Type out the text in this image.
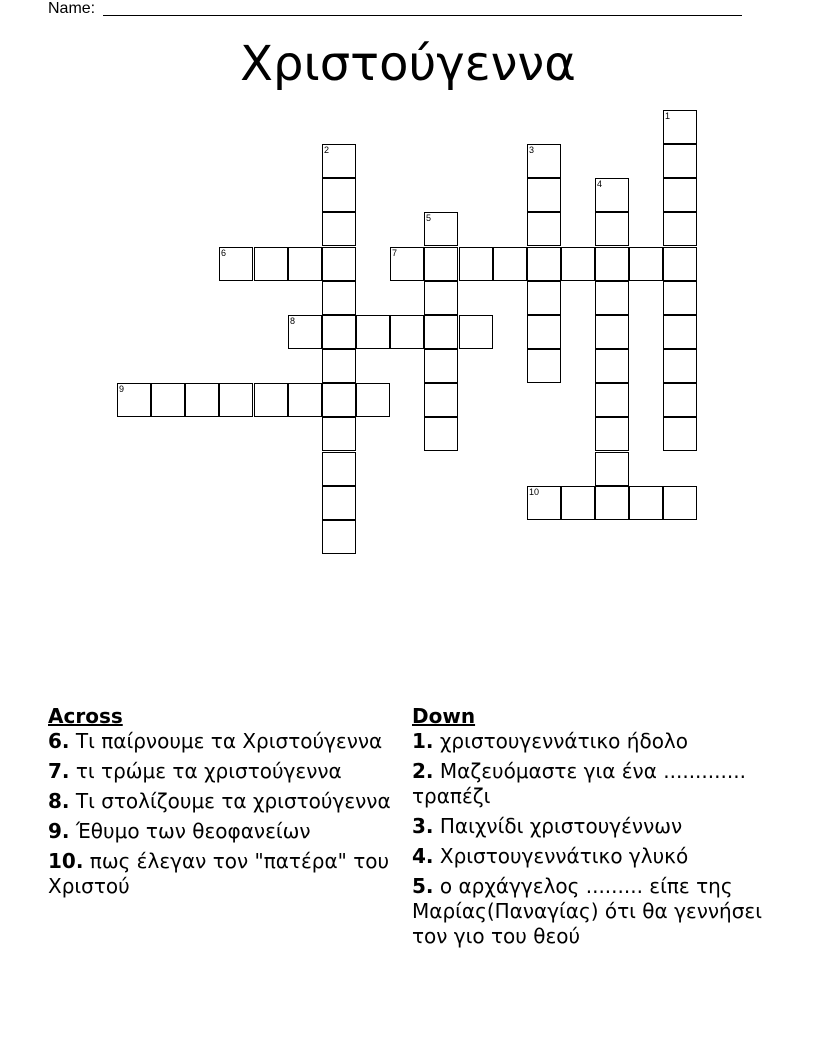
Name:
Χριστούγεννα
1
2	3
4
5
6	7
8
9
10
Across
6. Τι παίρνουμε τα Χριστούγεννα
7. τι τρώμε τα χριστούγεννα
8. Τι στολίζουμε τα χριστούγεννα
9. Έθυμο των θεοφανείων
10. πως έλεγαν τον "πατέρα" του Χριστού
Down
1. χριστουγεννάτικο ήδολο
2. Μαζευόμαστε για ένα ............. τραπέζι
3. Παιχνίδι χριστουγέννων
4. Χριστουγεννάτικο γλυκό
5. ο αρχάγγελος ......... είπε της Μαρίας(Παναγίας) ότι θα γεννήσει τον γιο του θεού
